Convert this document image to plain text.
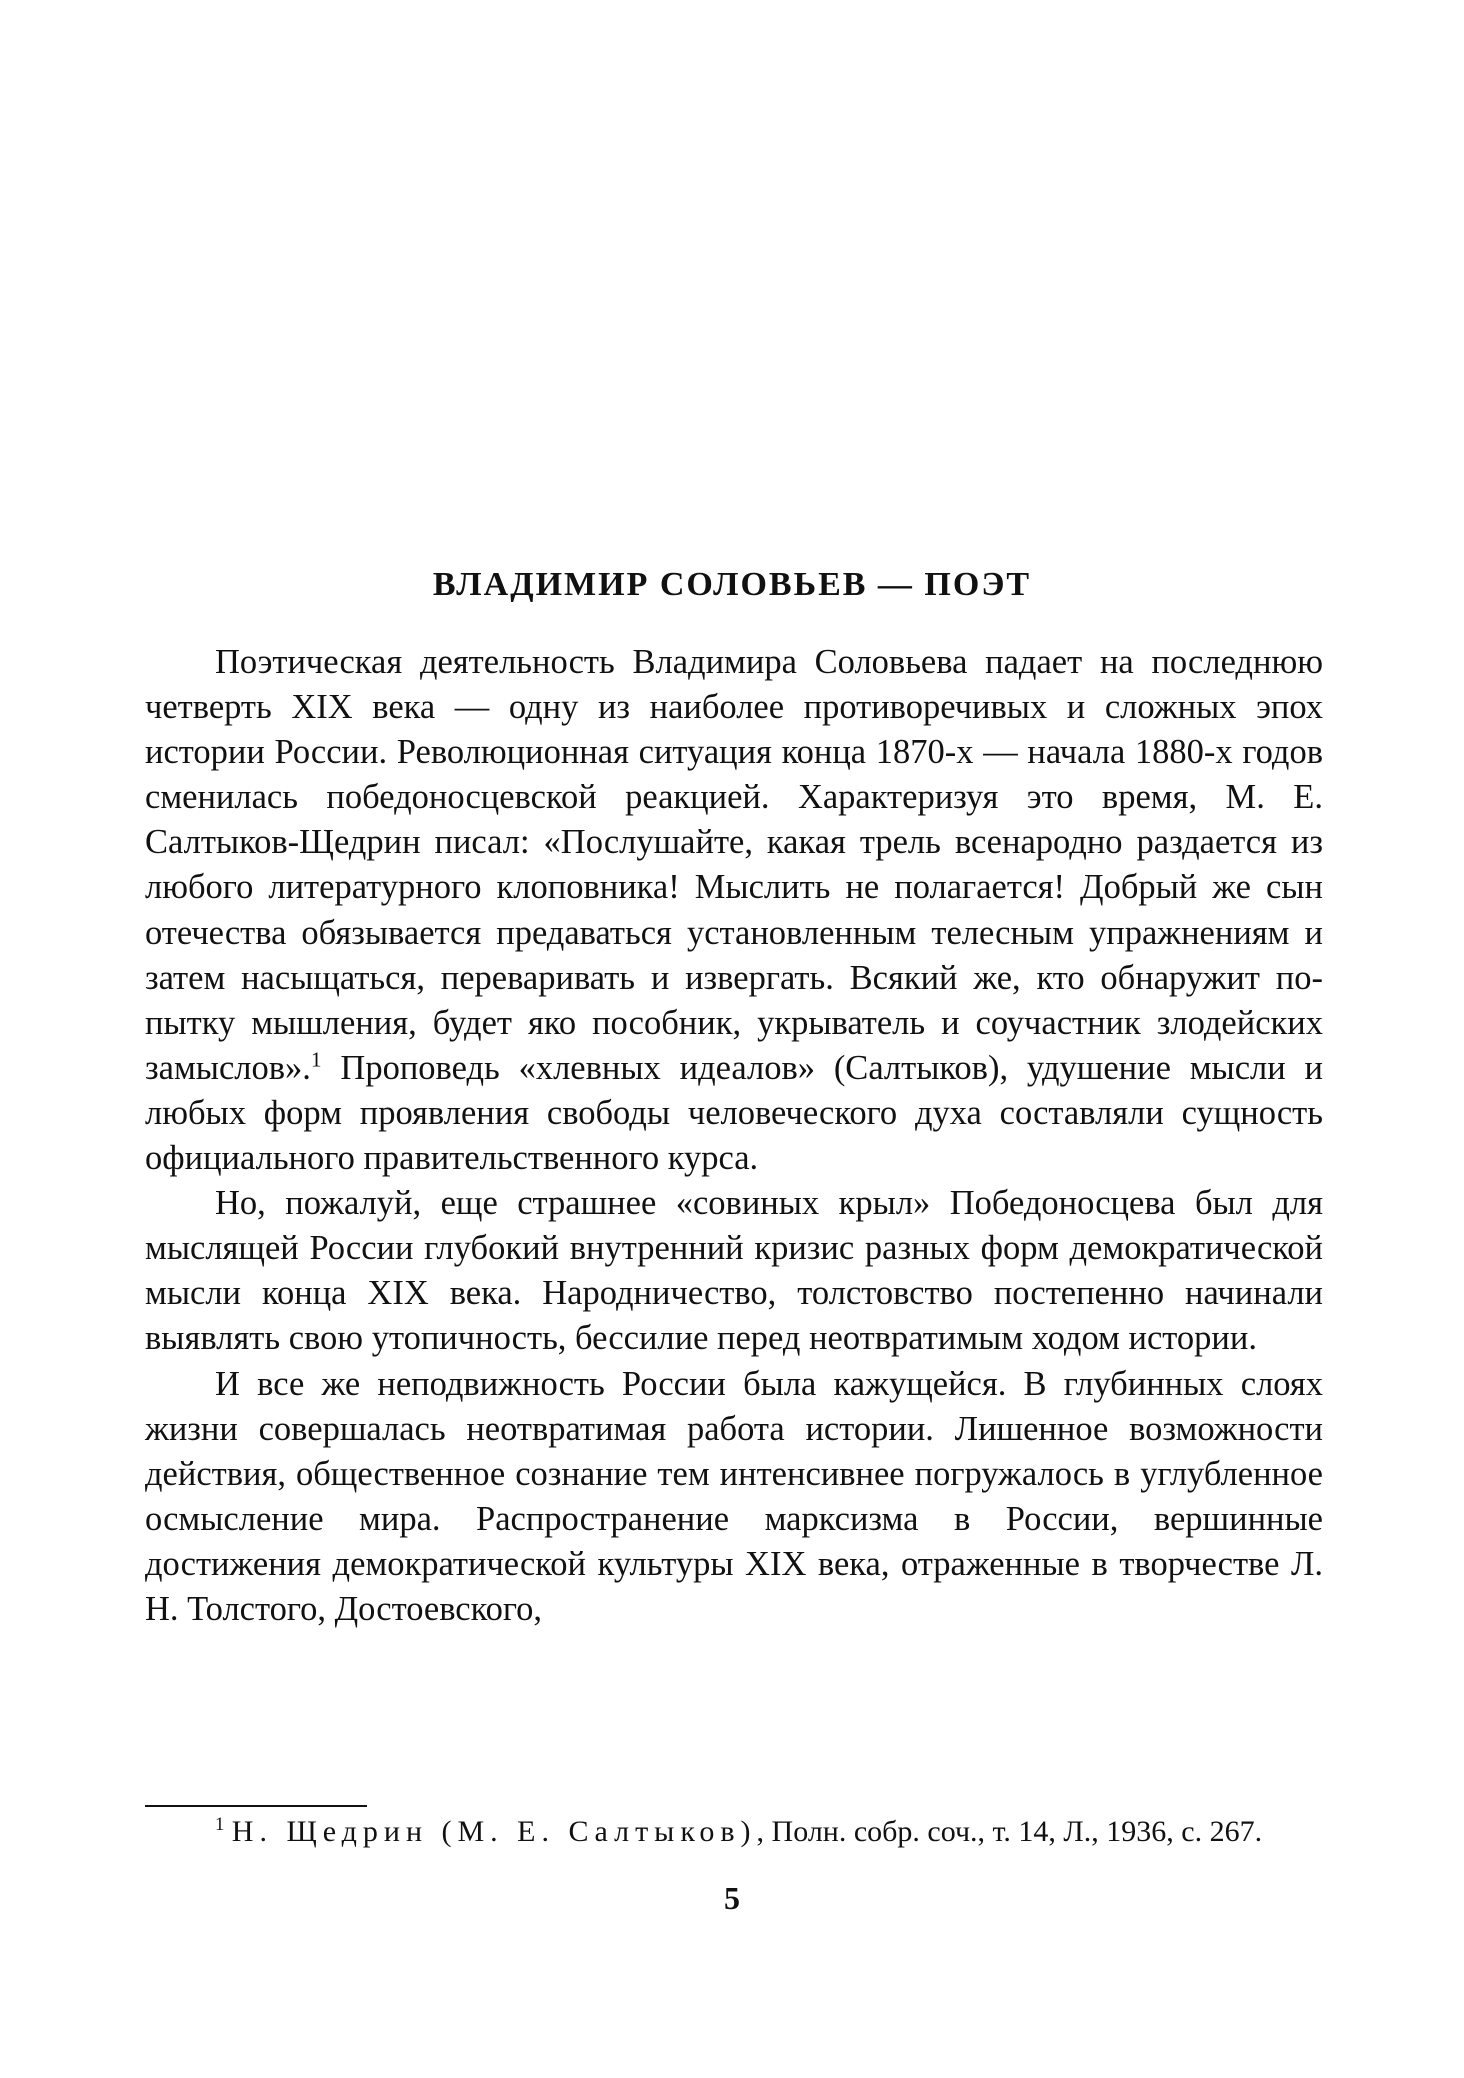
ВЛАДИМИР СОЛОВЬЕВ — ПОЭТ

Поэтическая деятельность Владимира Соловьева падает на последнюю четверть XIX века — одну из наиболее противоречивых и сложных эпох истории России. Революционная ситуация конца 1870-х — начала 1880-х годов сменилась победоносцевской реакцией. Характеризуя это время, М. Е. Салтыков-Щедрин писал: «Послушайте, какая трель всенародно раздается из любого литературного клоповника! Мыслить не полагается! Добрый же сын отечества обязывается предаваться установленным телесным упражнениям и затем насыщаться, переваривать и извергать. Всякий же, кто обнаружит попытку мышления, будет яко пособник, укрыватель и соучастник злодейских замыслов».$^1$ Проповедь «хлевных идеалов» (Салтыков), удушение мысли и любых форм проявления свободы человеческого духа составляли сущность официального правительственного курса.

Но, пожалуй, еще страшнее «совиных крыл» Победоносцева был для мыслящей России глубокий внутренний кризис разных форм демократической мысли конца XIX века. Народничество, толстовство постепенно начинали выявлять свою утопичность, бессилие перед неотвратимым ходом истории.

И все же неподвижность России была кажущейся. В глубинных слоях жизни совершалась неотвратимая работа истории. Лишенное возможности действия, общественное сознание тем интенсивнее погружалось в углубленное осмысление мира. Распространение марксизма в России, вершинные достижения демократической культуры XIX века, отраженные в творчестве Л. Н. Толстого, Достоевского,

$^1$ Н. Щедрин (М. Е. Салтыков), Полн. собр. соч., т. 14, Л., 1936, с. 267.

5
